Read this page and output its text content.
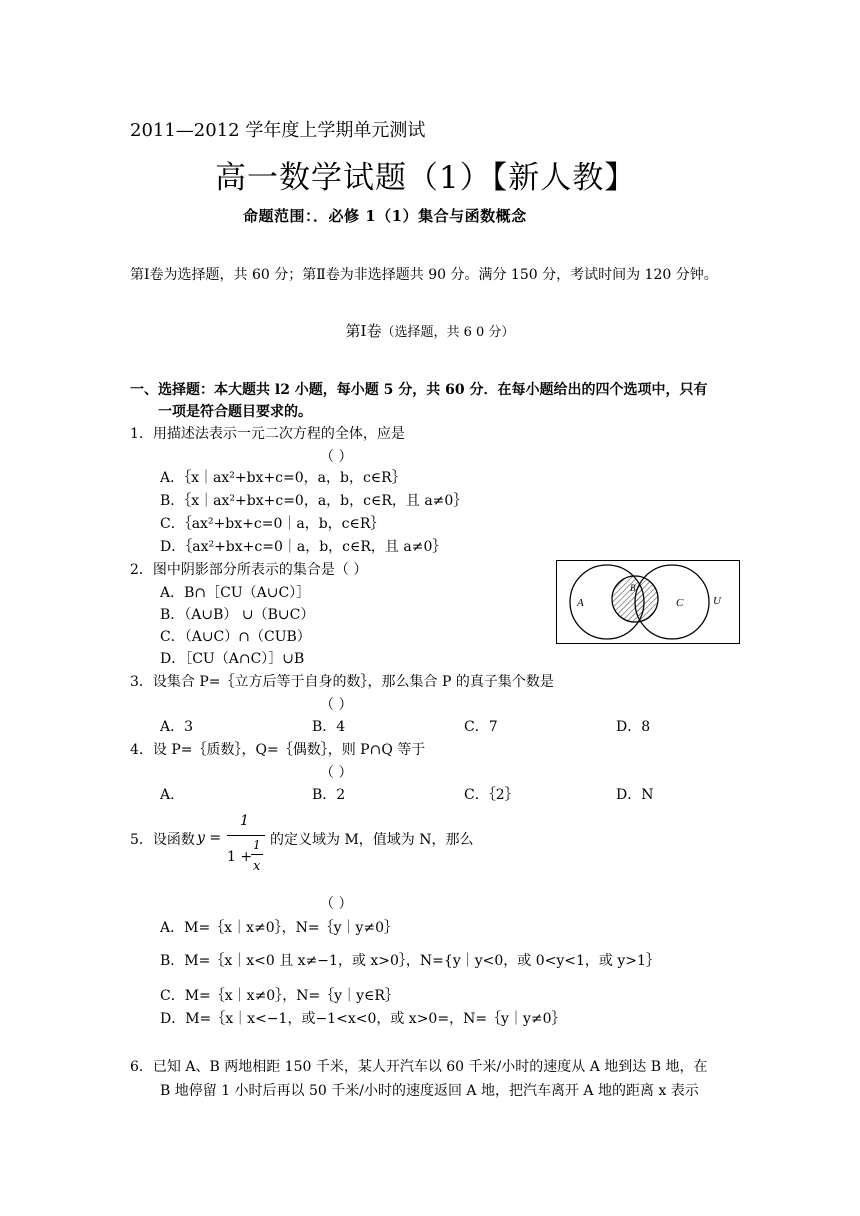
2011—2012 学年度上学期单元测试
高一数学试题（1）【新人教】
命题范围：．必修 1（1）集合与函数概念
第Ⅰ卷为选择题，共 60 分；第Ⅱ卷为非选择题共 90 分。满分 150 分，考试时间为 120 分钟。
第Ⅰ卷（选择题，共 6 0 分）
一、选择题：本大题共 l2 小题，每小题 5 分，共 60 分．在每小题给出的四个选项中，只有
一项是符合题目要求的。
1．用描述法表示一元二次方程的全体，应是
（ ）
A．｛x｜ax²+bx+c=0，a，b，c∈R｝
B．｛x｜ax²+bx+c=0，a，b，c∈R，且 a≠0｝
C．｛ax²+bx+c=0｜a，b，c∈R｝
D．｛ax²+bx+c=0｜a，b，c∈R，且 a≠0｝
2．图中阴影部分所表示的集合是（ ）
A．B∩［CU（A∪C）］
B．（A∪B） ∪（B∪C）
C．（A∪C）∩（CUB）
D．［CU（A∩C）］∪B
A
B
C	U
3．设集合 P=｛立方后等于自身的数｝，那么集合 P 的真子集个数是
（ ）
A．3	B．4	C．7	D．8
4．设 P=｛质数｝，Q=｛偶数｝，则 P∩Q 等于
（ ）
A．	B．2	C．｛2｝	D．N
5．设函数 y =
1
1 +
1
x
的定义域为 M，值域为 N，那么
（ ）
A．M=｛x｜x≠0｝，N=｛y｜y≠0｝
B．M=｛x｜x<0 且 x≠−1，或 x>0｝，N={y｜y<0，或 0<y<1，或 y>1｝
C．M=｛x｜x≠0｝，N=｛y｜y∈R｝
D．M=｛x｜x<−1，或−1<x<0，或 x>0=，N=｛y｜y≠0｝
6．已知 A、B 两地相距 150 千米，某人开汽车以 60 千米/小时的速度从 A 地到达 B 地，在
B 地停留 1 小时后再以 50 千米/小时的速度返回 A 地，把汽车离开 A 地的距离 x 表示
